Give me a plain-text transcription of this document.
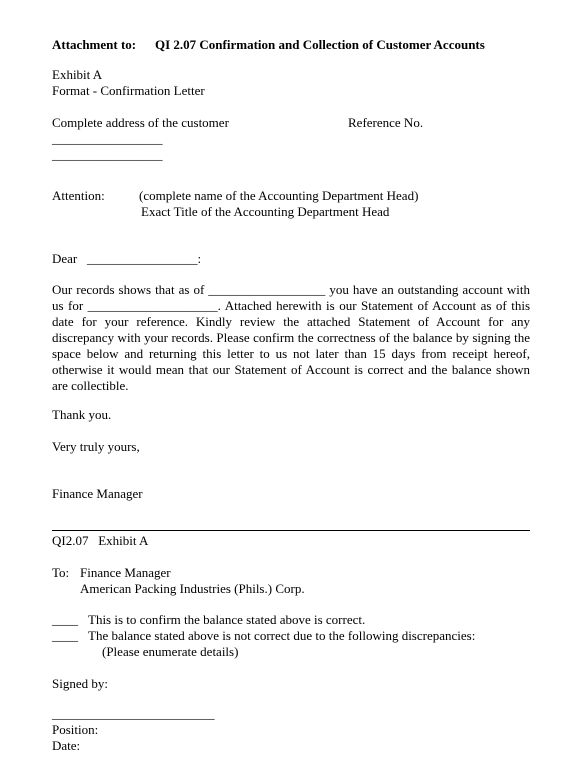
Attachment to: QI 2.07 Confirmation and Collection of Customer Accounts
Exhibit A
Format - Confirmation Letter
Complete address of the customer	Reference No.
_________________
_________________
Attention:	(complete name of the Accounting Department Head)
Exact Title of the Accounting Department Head
Dear   _________________:
Our records shows that as of __________________ you have an outstanding account with us for ____________________. Attached herewith is our Statement of Account as of this date for your reference. Kindly review the attached Statement of Account for any discrepancy with your records. Please confirm the correctness of the balance by signing the space below and returning this letter to us not later than 15 days from receipt hereof, otherwise it would mean that our Statement of Account is correct and the balance shown are collectible.
Thank you.
Very truly yours,
Finance Manager
QI2.07   Exhibit A
To: Finance Manager
American Packing Industries (Phils.) Corp.
____ This is to confirm the balance stated above is correct.
____ The balance stated above is not correct due to the following discrepancies:
(Please enumerate details)
Signed by:
_________________________
Position:
Date:
